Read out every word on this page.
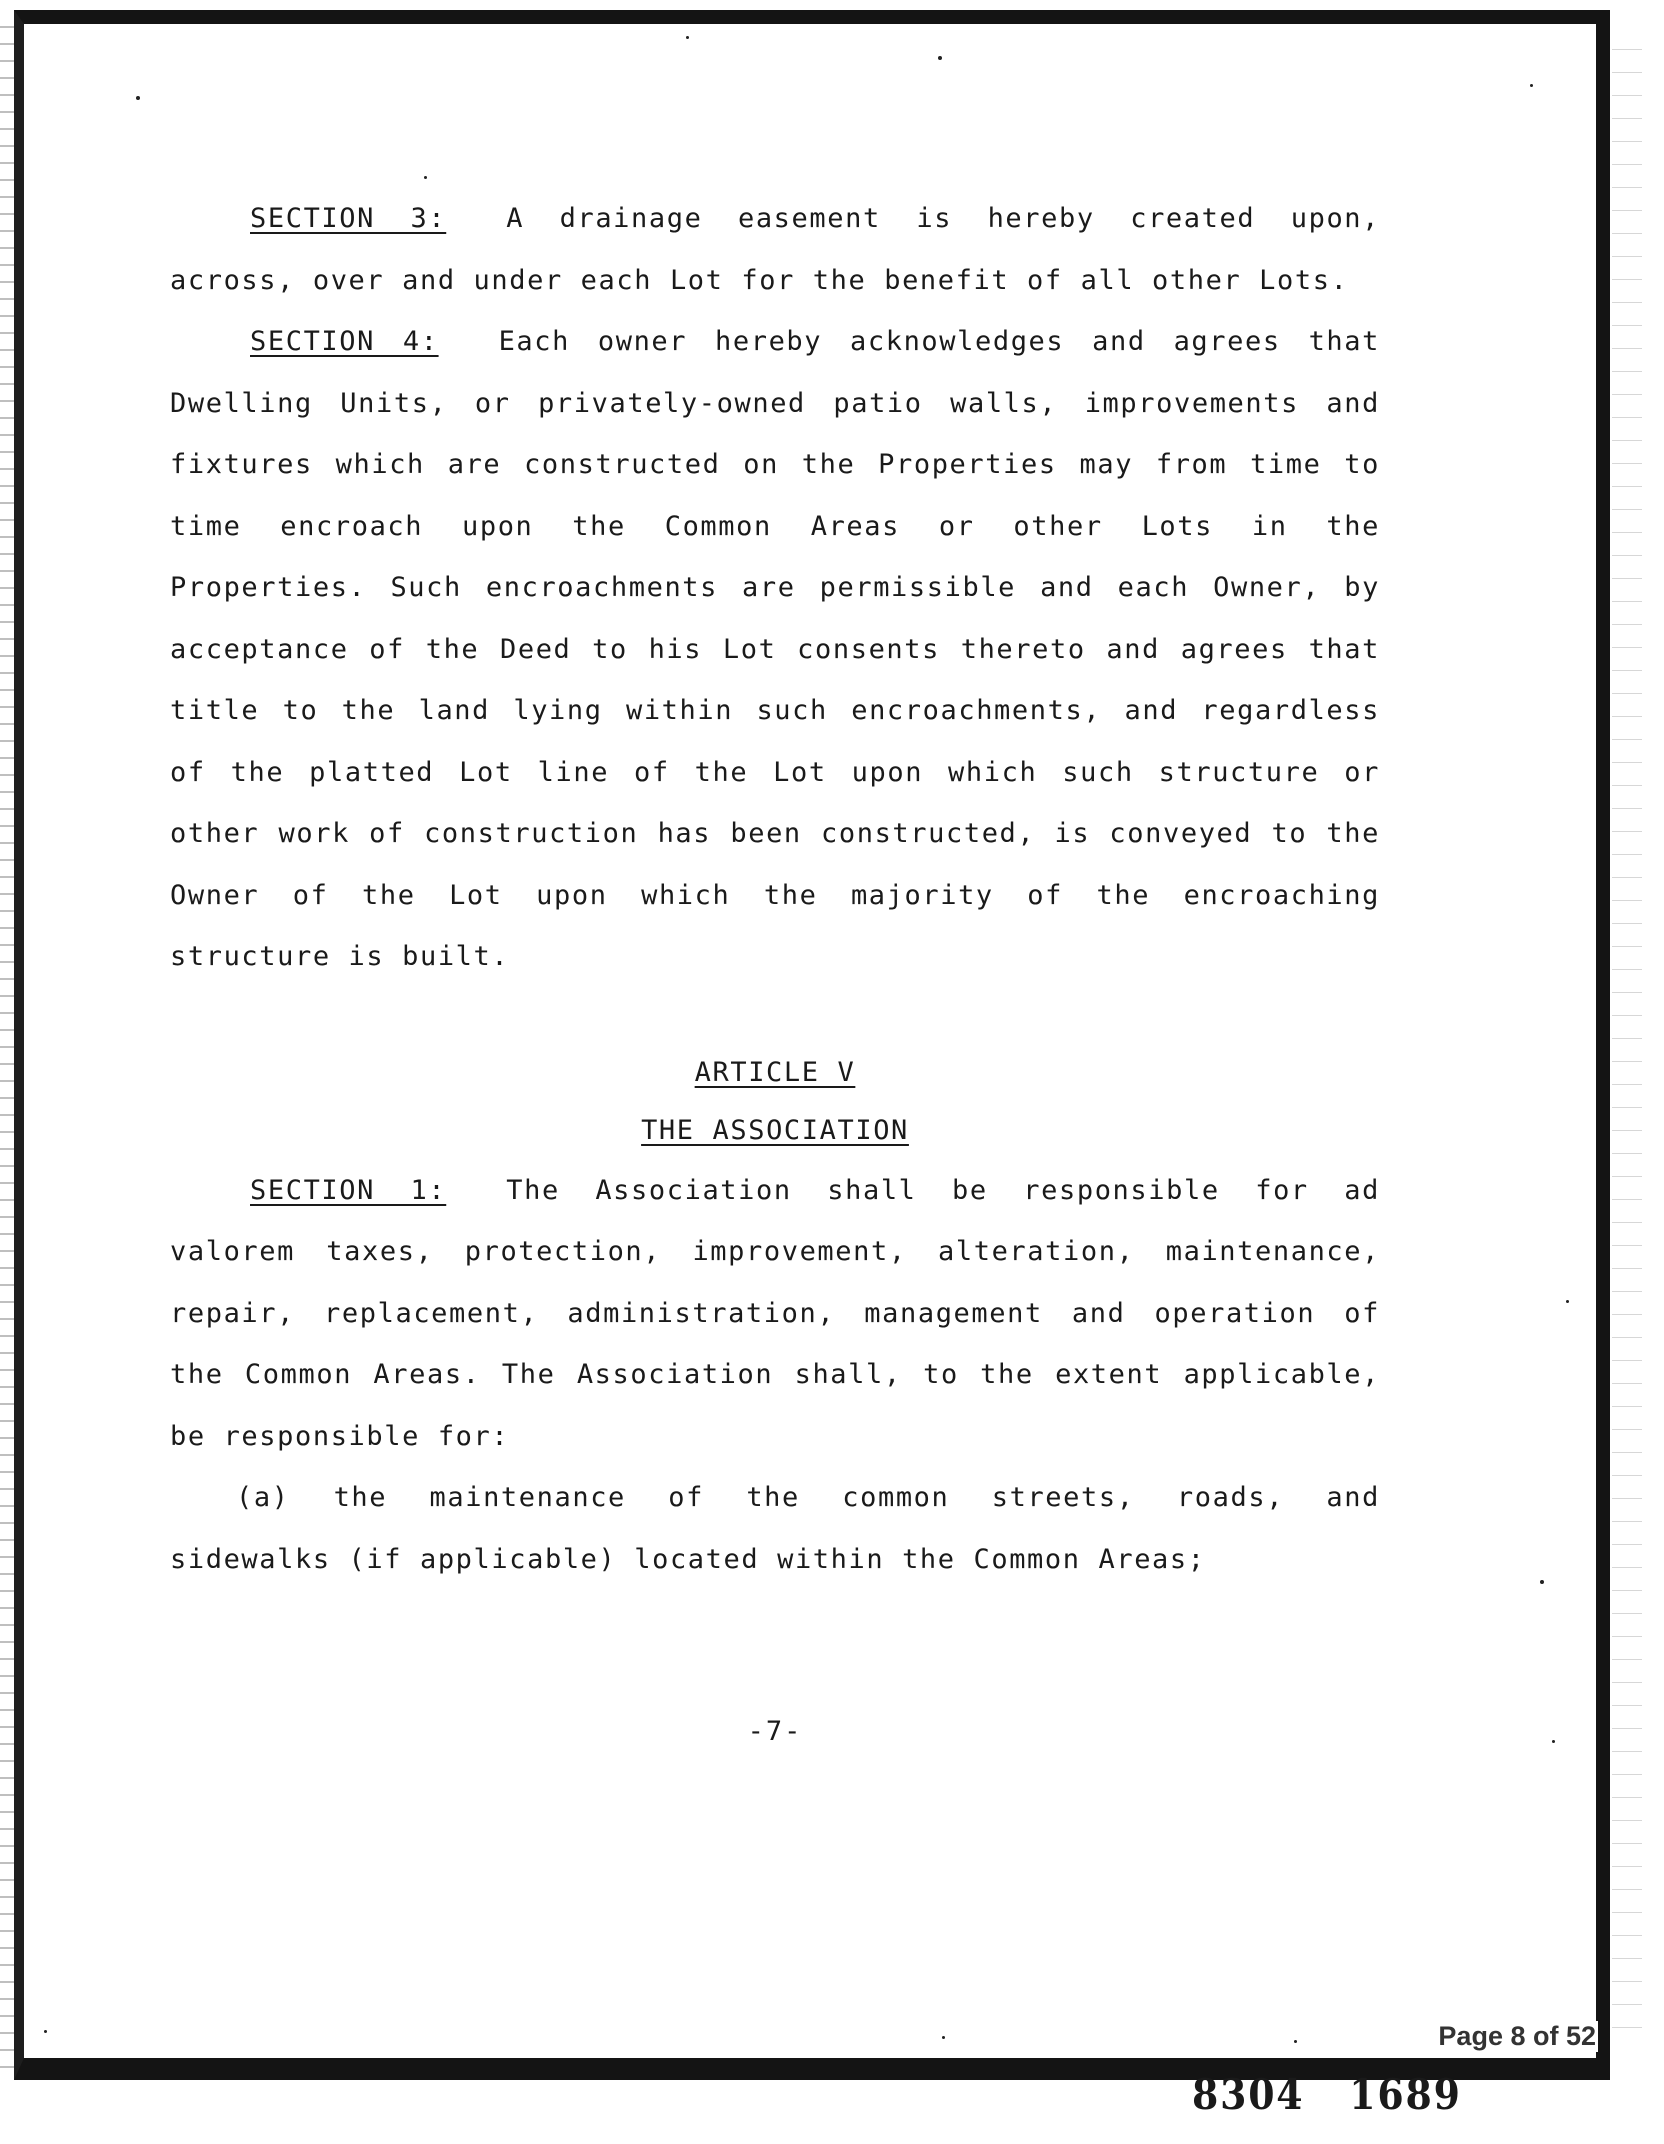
SECTION 3: A drainage easement is hereby created upon, across, over and under each Lot for the benefit of all other Lots.

SECTION 4: Each owner hereby acknowledges and agrees that Dwelling Units, or privately-owned patio walls, improvements and fixtures which are constructed on the Properties may from time to time encroach upon the Common Areas or other Lots in the Properties. Such encroachments are permissible and each Owner, by acceptance of the Deed to his Lot consents thereto and agrees that title to the land lying within such encroachments, and regardless of the platted Lot line of the Lot upon which such structure or other work of construction has been constructed, is conveyed to the Owner of the Lot upon which the majority of the encroaching structure is built.

ARTICLE V

THE ASSOCIATION

SECTION 1: The Association shall be responsible for ad valorem taxes, protection, improvement, alteration, maintenance, repair, replacement, administration, management and operation of the Common Areas. The Association shall, to the extent applicable, be responsible for:

(a) the maintenance of the common streets, roads, and sidewalks (if applicable) located within the Common Areas;

-7-
8304   1689
Page 8 of 52
